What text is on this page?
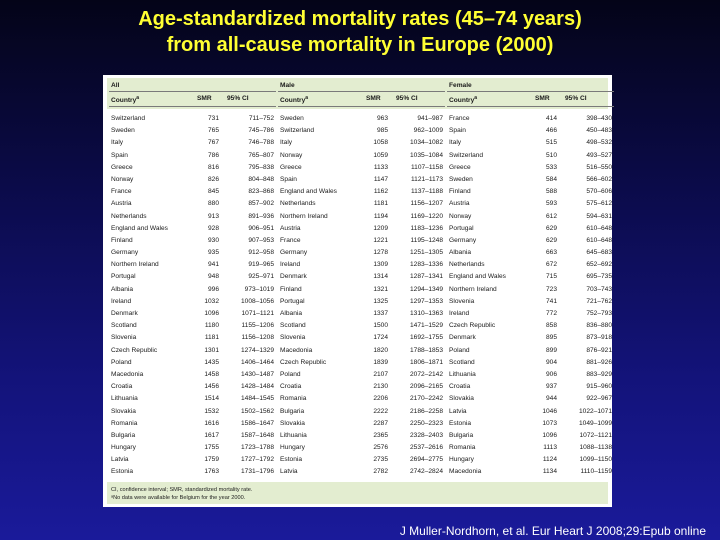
Age-standardized mortality rates (45–74 years)
from all-cause mortality in Europe (2000)
All
Country$^a$	SMR	95% CI
Switzerland	731	711–752
Sweden	765	745–786
Italy	767	746–788
Spain	786	765–807
Greece	816	795–838
Norway	826	804–848
France	845	823–868
Austria	880	857–902
Netherlands	913	891–936
England and Wales	928	906–951
Finland	930	907–953
Germany	935	912–958
Northern Ireland	941	919–965
Portugal	948	925–971
Albania	996	973–1019
Ireland	1032	1008–1056
Denmark	1096	1071–1121
Scotland	1180	1155–1206
Slovenia	1181	1156–1208
Czech Republic	1301	1274–1329
Poland	1435	1406–1464
Macedonia	1458	1430–1487
Croatia	1456	1428–1484
Lithuania	1514	1484–1545
Slovakia	1532	1502–1562
Romania	1616	1586–1647
Bulgaria	1617	1587–1648
Hungary	1755	1723–1788
Latvia	1759	1727–1792
Estonia	1763	1731–1796
Male
Country$^a$	SMR	95% CI
Sweden	963	941–987
Switzerland	985	962–1009
Italy	1058	1034–1082
Norway	1059	1035–1084
Greece	1133	1107–1158
Spain	1147	1121–1173
England and Wales	1162	1137–1188
Netherlands	1181	1156–1207
Northern Ireland	1194	1169–1220
Austria	1209	1183–1236
France	1221	1195–1248
Germany	1278	1251–1305
Ireland	1309	1283–1336
Denmark	1314	1287–1341
Finland	1321	1294–1349
Portugal	1325	1297–1353
Albania	1337	1310–1363
Scotland	1500	1471–1529
Slovenia	1724	1692–1755
Macedonia	1820	1788–1853
Czech Republic	1839	1806–1871
Poland	2107	2072–2142
Croatia	2130	2096–2165
Romania	2206	2170–2242
Bulgaria	2222	2186–2258
Slovakia	2287	2250–2323
Lithuania	2365	2328–2403
Hungary	2576	2537–2616
Estonia	2735	2694–2775
Latvia	2782	2742–2824
Female
Country$^a$	SMR	95% CI
France	414	398–430
Spain	466	450–483
Italy	515	498–532
Switzerland	510	493–527
Greece	533	516–550
Sweden	584	566–602
Finland	588	570–606
Austria	593	575–612
Norway	612	594–631
Portugal	629	610–648
Germany	629	610–648
Albania	663	645–683
Netherlands	672	652–692
England and Wales	715	695–735
Northern Ireland	723	703–743
Slovenia	741	721–762
Ireland	772	752–793
Czech Republic	858	836–880
Denmark	895	873–918
Poland	899	876–921
Scotland	904	881–926
Lithuania	906	883–929
Croatia	937	915–960
Slovakia	944	922–967
Latvia	1046	1022–1071
Estonia	1073	1049–1099
Bulgaria	1096	1072–1121
Romania	1113	1088–1138
Hungary	1124	1099–1150
Macedonia	1134	1110–1159
CI, confidence interval; SMR, standardized mortality rate.
ᵃNo data were available for Belgium for the year 2000.
J Muller-Nordhorn, et al. Eur Heart J 2008;29:Epub online
